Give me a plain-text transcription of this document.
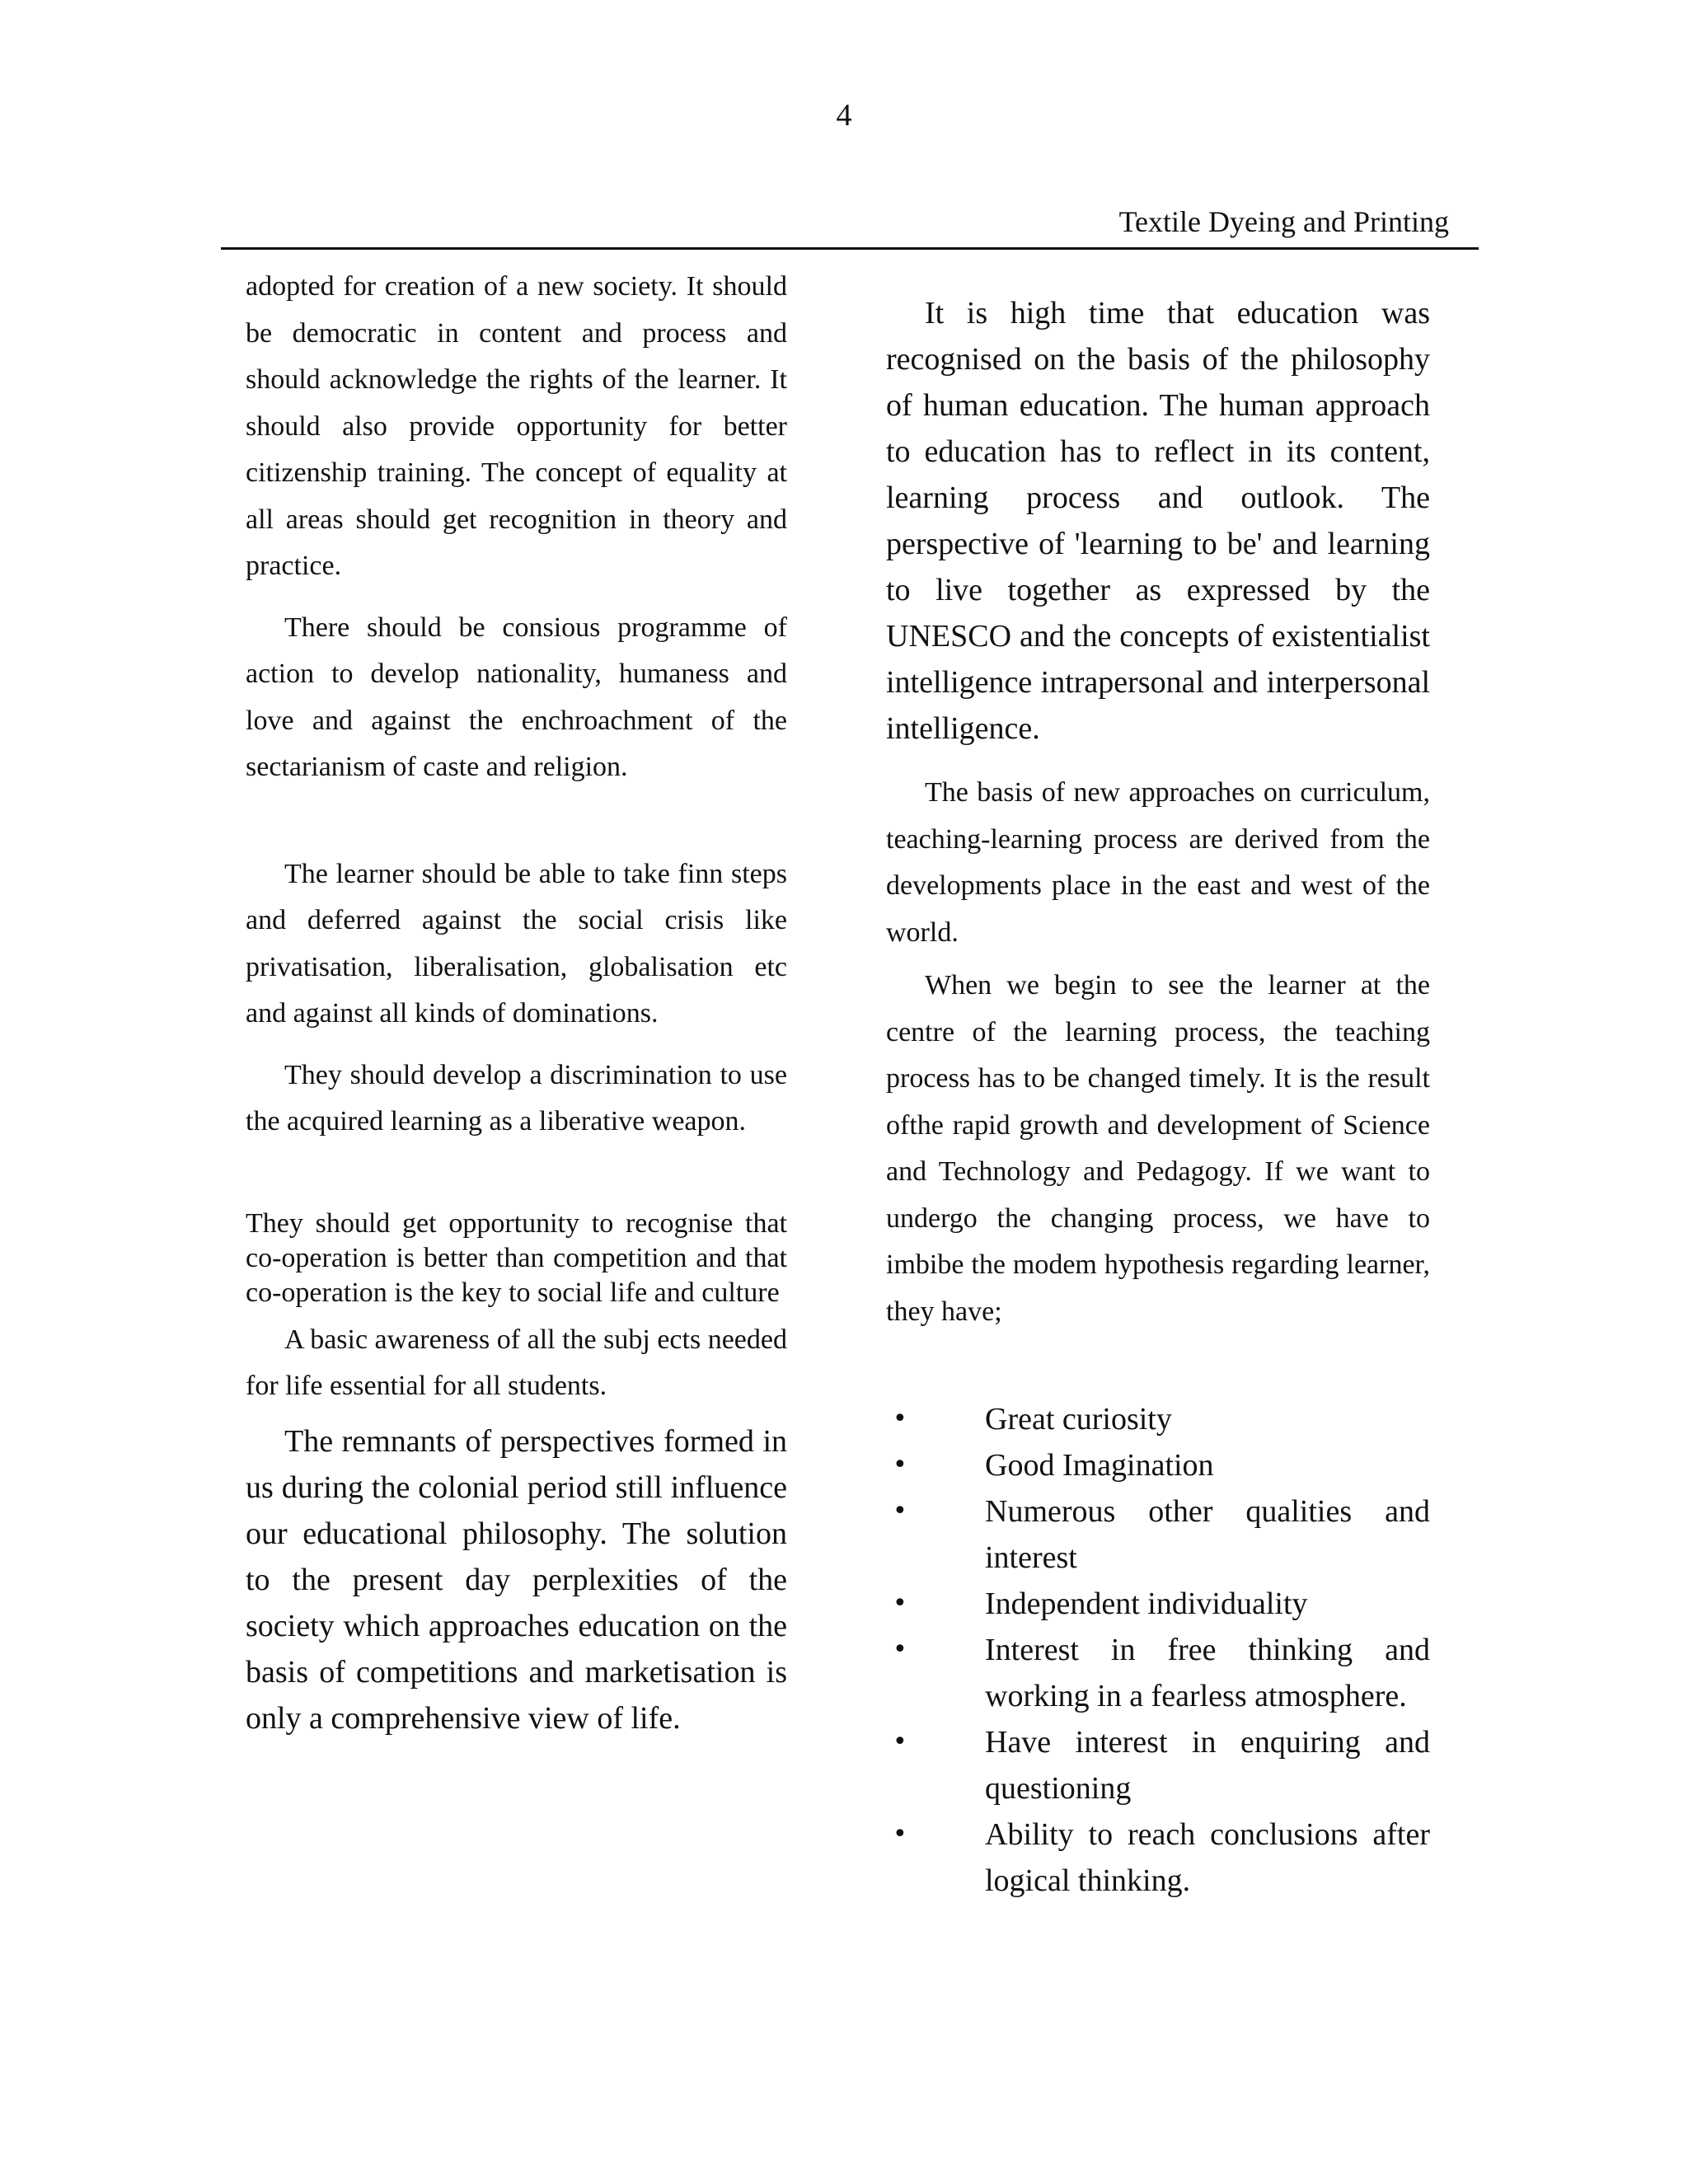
4
Textile Dyeing and Printing

adopted for creation of a new society. It should be democratic in content and process and should acknowledge the rights of the learner. It should also provide opportunity for better citizenship training. The concept of equality at all areas should get recognition in theory and practice.

There should be consious programme of action to develop nationality, humaness and love and against the enchroachment of the sectarianism of caste and religion.

The learner should be able to take finn steps and deferred against the social crisis like privatisation, liberalisation, globalisation etc and against all kinds of dominations.

They should develop a discrimination to use the acquired learning as a liberative weapon.

They should get opportunity to recognise that co-operation is better than competition and that co-operation is the key to social life and culture

A basic awareness of all the subj ects needed for life essential for all students.

The remnants of perspectives formed in us during the colonial period still influence our educational philosophy. The solution to the present day perplexities of the society which approaches education on the basis of competitions and marketisation is only a comprehensive view of life.

It is high time that education was recognised on the basis of the philosophy of human education. The human approach to education has to reflect in its content, learning process and outlook. The perspective of 'learning to be' and learning to live together as expressed by the UNESCO and the concepts of existentialist intelligence intrapersonal and interpersonal intelligence.

The basis of new approaches on curriculum, teaching-learning process are derived from the developments place in the east and west of the world.

When we begin to see the learner at the centre of the learning process, the teaching process has to be changed timely. It is the result ofthe rapid growth and development of Science and Technology and Pedagogy. If we want to undergo the changing process, we have to imbibe the modem hypothesis regarding learner, they have;

• Great curiosity
• Good Imagination
• Numerous other qualities and interest
• Independent individuality
• Interest in free thinking and working in a fearless atmosphere.
• Have interest in enquiring and questioning
• Ability to reach conclusions after logical thinking.
